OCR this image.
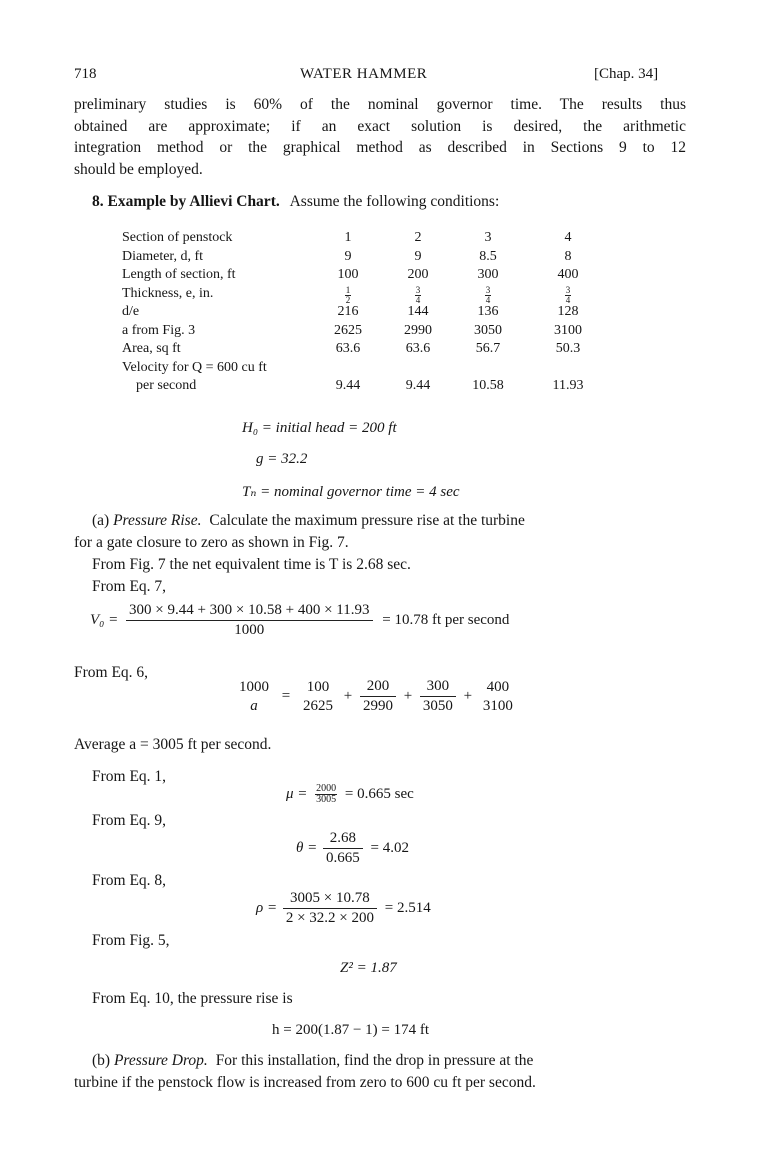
718	WATER HAMMER	[Chap. 34]
preliminary studies is 60% of the nominal governor time. The results thus
obtained are approximate; if an exact solution is desired, the arithmetic
integration method or the graphical method as described in Sections 9 to 12
should be employed.
8. Example by Allievi Chart. Assume the following conditions:
Section of penstock	1	2	3	4
Diameter, d, ft	9	9	8.5	8
Length of section, ft	100	200	300	400
Thickness, e, in.	$\frac{1}{2}$	$\frac{3}{4}$	$\frac{3}{4}$	$\frac{3}{4}$
d/e	216	144	136	128
a from Fig. 3	2625	2990	3050	3100
Area, sq ft	63.6	63.6	56.7	50.3
Velocity for Q = 600 cu ft
per second	9.44	9.44	10.58	11.93
H₀ = initial head = 200 ft
g = 32.2
Tₙ = nominal governor time = 4 sec
(a) Pressure Rise. Calculate the maximum pressure rise at the turbine
for a gate closure to zero as shown in Fig. 7.
From Fig. 7 the net equivalent time is T is 2.68 sec.
From Eq. 7,
$V_0 = \frac{300 \times 9.44 + 300 \times 10.58 + 400 \times 11.93}{1000} = 10.78$ ft per second
From Eq. 6,
1000
a
=
100
2625
+ $\frac{200}{2990} + \frac{300}{3050}$ +
400
3100
Average a = 3005 ft per second.
From Eq. 1,
$\mu = \frac{2000}{3005} = 0.665$ sec
From Eq. 9,
$\theta = \frac{2.68}{0.665} = 4.02$
From Eq. 8,
$\rho = \frac{3005 \times 10.78}{2 \times 32.2 \times 200} = 2.514$
From Fig. 5,
Z² = 1.87
From Eq. 10, the pressure rise is
h = 200(1.87 − 1) = 174 ft
(b) Pressure Drop. For this installation, find the drop in pressure at the
turbine if the penstock flow is increased from zero to 600 cu ft per second.
